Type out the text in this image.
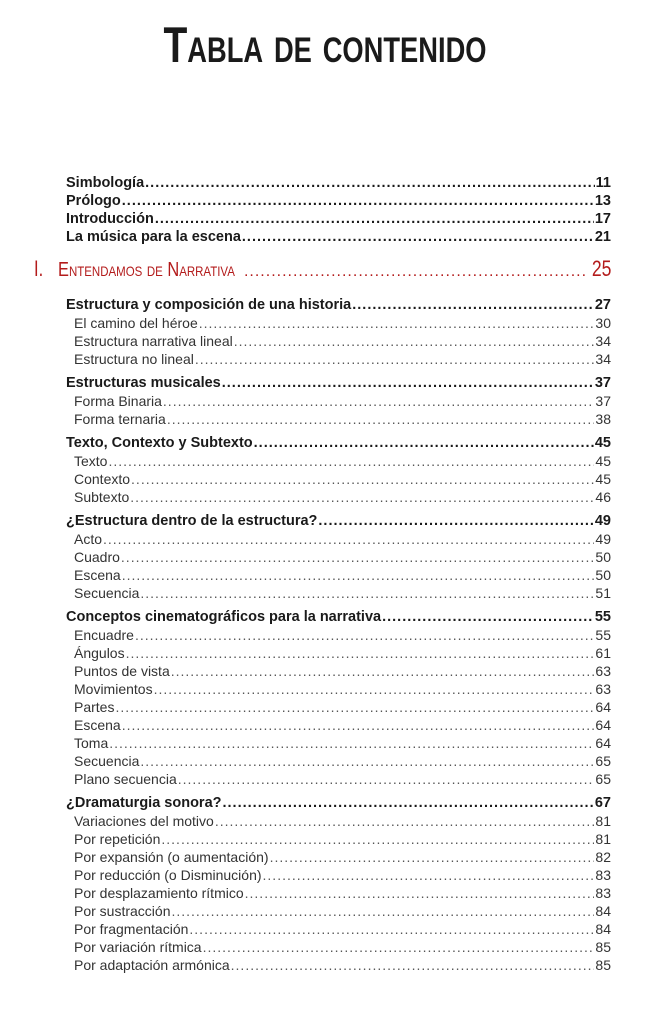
Tabla de contenido
Simbología .....	11
Prólogo .....	13
Introducción .....	17
La música para la escena .....	21
I. Entendamos de Narrativa .....	25
Estructura y composición de una historia .....	27
El camino del héroe .....	30
Estructura narrativa lineal .....	34
Estructura no lineal .....	34
Estructuras musicales .....	37
Forma Binaria .....	37
Forma ternaria .....	38
Texto, Contexto y Subtexto .....	45
Texto .....	45
Contexto .....	45
Subtexto .....	46
¿Estructura dentro de la estructura? .....	49
Acto .....	49
Cuadro .....	50
Escena .....	50
Secuencia .....	51
Conceptos cinematográficos para la narrativa .....	55
Encuadre .....	55
Ángulos .....	61
Puntos de vista .....	63
Movimientos .....	63
Partes .....	64
Escena .....	64
Toma .....	64
Secuencia .....	65
Plano secuencia .....	65
¿Dramaturgia sonora? .....	67
Variaciones del motivo .....	81
Por repetición .....	81
Por expansión (o aumentación) .....	82
Por reducción (o Disminución) .....	83
Por desplazamiento rítmico .....	83
Por sustracción .....	84
Por fragmentación .....	84
Por variación rítmica .....	85
Por adaptación armónica .....	85
